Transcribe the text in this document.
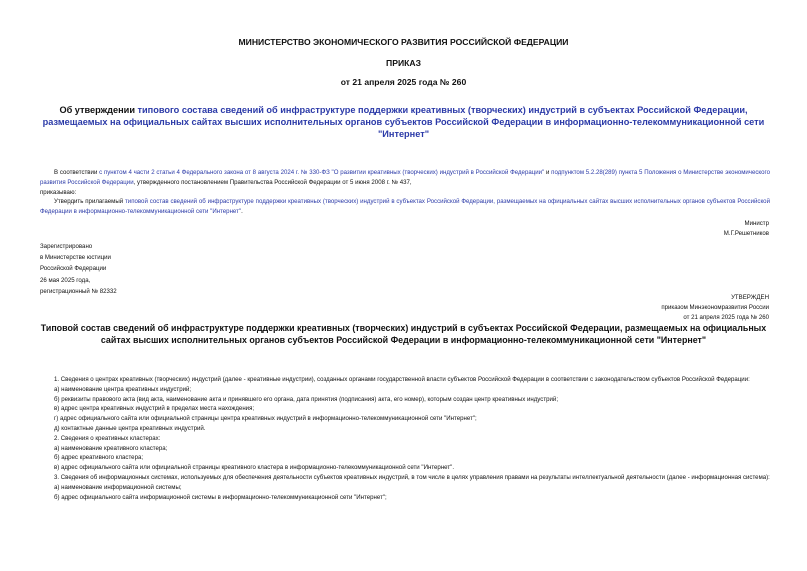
МИНИСТЕРСТВО ЭКОНОМИЧЕСКОГО РАЗВИТИЯ РОССИЙСКОЙ ФЕДЕРАЦИИ
ПРИКАЗ
от 21 апреля 2025 года № 260
Об утверждении типового состава сведений об инфраструктуре поддержки креативных (творческих) индустрий в субъектах Российской Федерации, размещаемых на официальных сайтах высших исполнительных органов субъектов Российской Федерации в информационно-телекоммуникационной сети "Интернет"

В соответствии с пунктом 4 части 2 статьи 4 Федерального закона от 8 августа 2024 г. № 330-ФЗ "О развитии креативных (творческих) индустрий в Российской Федерации" и подпунктом 5.2.28(289) пункта 5 Положения о Министерстве экономического развития Российской Федерации, утвержденного постановлением Правительства Российской Федерации от 5 июня 2008 г. № 437,

приказываю:

Утвердить прилагаемый типовой состав сведений об инфраструктуре поддержки креативных (творческих) индустрий в субъектах Российской Федерации, размещаемых на официальных сайтах высших исполнительных органов субъектов Российской Федерации в информационно-телекоммуникационной сети "Интернет".

Министр
М.Г.Решетников
Зарегистрировано
в Министерстве юстиции
Российской Федерации
26 мая 2025 года,
регистрационный № 82332
УТВЕРЖДЕН
приказом Минэкономразвития России
от 21 апреля 2025 года № 260
Типовой состав сведений об инфраструктуре поддержки креативных (творческих) индустрий в субъектах Российской Федерации, размещаемых на официальных сайтах высших исполнительных органов субъектов Российской Федерации в информационно-телекоммуникационной сети "Интернет"

1. Сведения о центрах креативных (творческих) индустрий (далее - креативные индустрии), созданных органами государственной власти субъектов Российской Федерации в соответствии с законодательством субъектов Российской Федерации:

а) наименование центра креативных индустрий;

б) реквизиты правового акта (вид акта, наименование акта и принявшего его органа, дата принятия (подписания) акта, его номер), которым создан центр креативных индустрий;

в) адрес центра креативных индустрий в пределах места нахождения;

г) адрес официального сайта или официальной страницы центра креативных индустрий в информационно-телекоммуникационной сети "Интернет";

д) контактные данные центра креативных индустрий.

2. Сведения о креативных кластерах:

а) наименование креативного кластера;

б) адрес креативного кластера;

в) адрес официального сайта или официальной страницы креативного кластера в информационно-телекоммуникационной сети "Интернет".

3. Сведения об информационных системах, используемых для обеспечения деятельности субъектов креативных индустрий, в том числе в целях управления правами на результаты интеллектуальной деятельности (далее - информационная система):

а) наименование информационной системы;

б) адрес официального сайта информационной системы в информационно-телекоммуникационной сети "Интернет";
